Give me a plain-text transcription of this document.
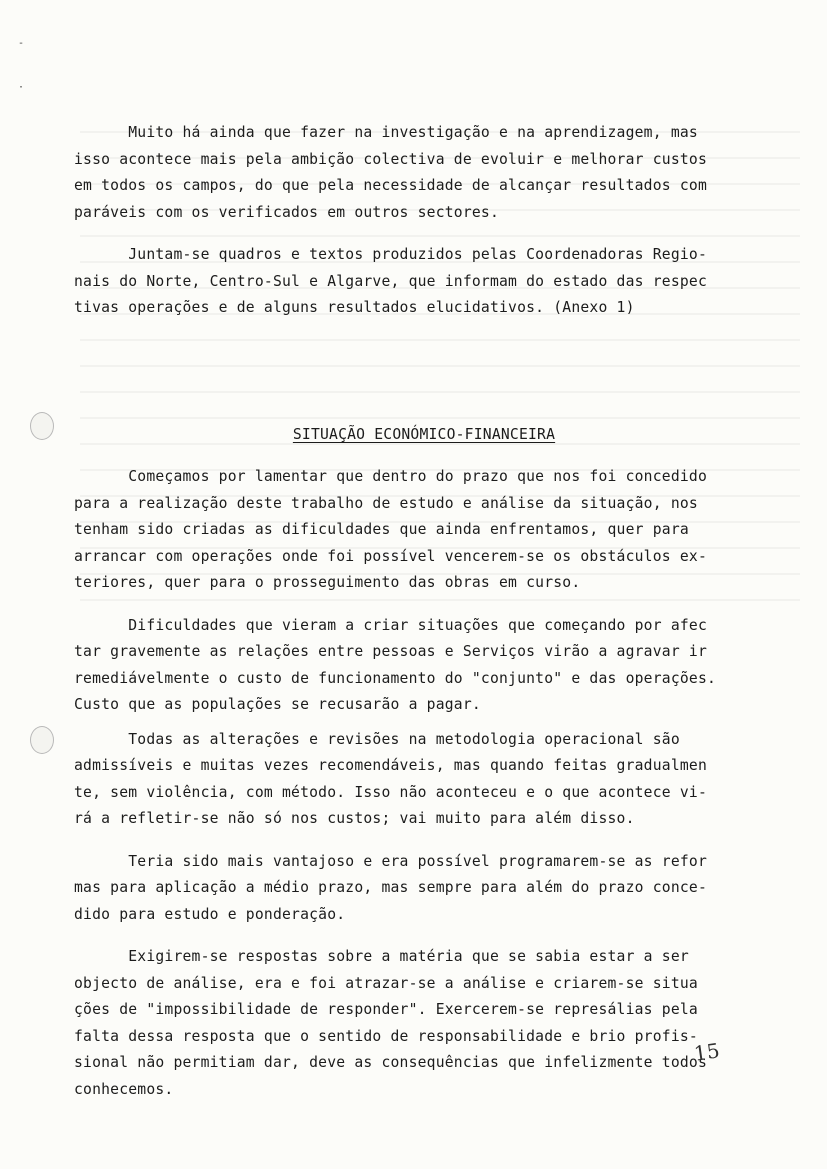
-
·
Muito há ainda que fazer na investigação e na aprendizagem, mas
isso acontece mais pela ambição colectiva de evoluir e melhorar custos
em todos os campos, do que pela necessidade de alcançar resultados com
paráveis com os verificados em outros sectores.
Juntam-se quadros e textos produzidos pelas Coordenadoras Regio-
nais do Norte, Centro-Sul e Algarve, que informam do estado das respec
tivas operações e de alguns resultados elucidativos. (Anexo 1)
SITUAÇÃO ECONÓMICO-FINANCEIRA
Começamos por lamentar que dentro do prazo que nos foi concedido
para a realização deste trabalho de estudo e análise da situação, nos
tenham sido criadas as dificuldades que ainda enfrentamos, quer para
arrancar com operações onde foi possível vencerem-se os obstáculos ex-
teriores, quer para o prosseguimento das obras em curso.
Dificuldades que vieram a criar situações que começando por afec
tar gravemente as relações entre pessoas e Serviços virão a agravar ir
remediávelmente o custo de funcionamento do "conjunto" e das operações.
Custo que as populações se recusarão a pagar.
Todas as alterações e revisões na metodologia operacional são
admissíveis e muitas vezes recomendáveis, mas quando feitas gradualmen
te, sem violência, com método. Isso não aconteceu e o que acontece vi-
rá a refletir-se não só nos custos; vai muito para além disso.
Teria sido mais vantajoso e era possível programarem-se as refor
mas para aplicação a médio prazo, mas sempre para além do prazo conce-
dido para estudo e ponderação.
Exigirem-se respostas sobre a matéria que se sabia estar a ser
objecto de análise, era e foi atrazar-se a análise e criarem-se situa
ções de "impossibilidade de responder". Exercerem-se represálias pela
falta dessa resposta que o sentido de responsabilidade e brio profis-
sional não permitiam dar, deve as consequências que infelizmente todos
conhecemos.
15
